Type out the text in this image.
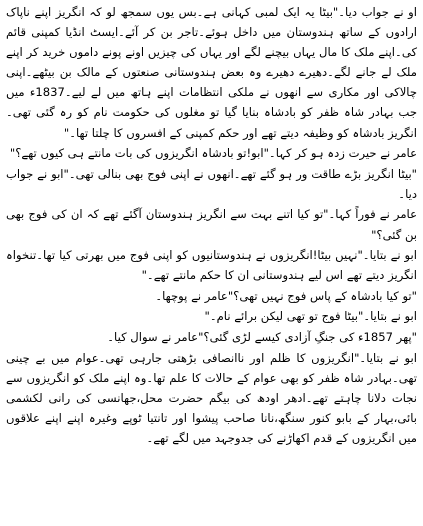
او نے جواب دیا۔"بیٹا یہ ایک لمبی کہانی ہے۔بس یوں سمجھ لو کہ انگریز اپنے ناپاک ارادوں کے ساتھ ہندوستان میں داخل ہوئے۔تاجر بن کر آئے۔ایسٹ انڈیا کمپنی قائم کی۔اپنے ملک کا مال یہاں بیچنے لگے اور یہاں کی چیزیں اونے پونے داموں خرید کر اپنے ملک لے جانے لگے۔دھیرے دھیرے وہ بعض ہندوستانی صنعتوں کے مالک بن بیٹھے۔اپنی چالاکی اور مکاری سے انھوں نے ملکی انتظامات اپنے ہاتھ میں لے لیے۔1837ء میں جب بہادر شاہ ظفر کو بادشاہ بنایا گیا تو مغلوں کی حکومت نام کو رہ گئی تھی۔انگریز بادشاہ کو وظیفہ دیتے تھے اور حکم کمپنی کے افسروں کا چلتا تھا۔"

عامر نے حیرت زدہ ہو کر کہا۔"ابو!تو بادشاہ انگریزوں کی بات مانتے ہی کیوں تھے؟"

"بیٹا انگریز بڑے طاقت ور ہو گئے تھے۔انھوں نے اپنی فوج بھی بنالی تھی۔"ابو نے جواب دیا۔

عامر نے فوراً کہا۔"تو کیا اتنے بہت سے انگریز ہندوستان آگئے تھے کہ ان کی فوج بھی بن گئی؟"

ابو نے بتایا۔"نہیں بیٹا!انگریزوں نے ہندوستانیوں کو اپنی فوج میں بھرتی کیا تھا۔تنخواہ انگریز دیتے تھے اس لیے ہندوستانی ان کا حکم مانتے تھے۔"

"تو کیا بادشاہ کے پاس فوج نہیں تھی؟"عامر نے پوچھا۔

ابو نے بتایا۔"بیٹا فوج تو تھی لیکن برائے نام۔"

"پھر 1857ء کی جنگِ آزادی کیسے لڑی گئی؟"عامر نے سوال کیا۔

ابو نے بتایا۔"انگریزوں کا ظلم اور ناانصافی بڑھتی جارہی تھی۔عوام میں بے چینی تھی۔بہادر شاہ ظفر کو بھی عوام کے حالات کا علم تھا۔وہ اپنے ملک کو انگریزوں سے نجات دلانا چاہتے تھے۔ادھر اودھ کی بیگم حضرت محل،جھانسی کی رانی لکشمی بائی،بہار کے بابو کنور سنگھ،نانا صاحب پیشوا اور تانتیا ٹوپے وغیرہ اپنے اپنے علاقوں میں انگریزوں کے قدم اکھاڑنے کی جدوجہد میں لگے تھے۔
